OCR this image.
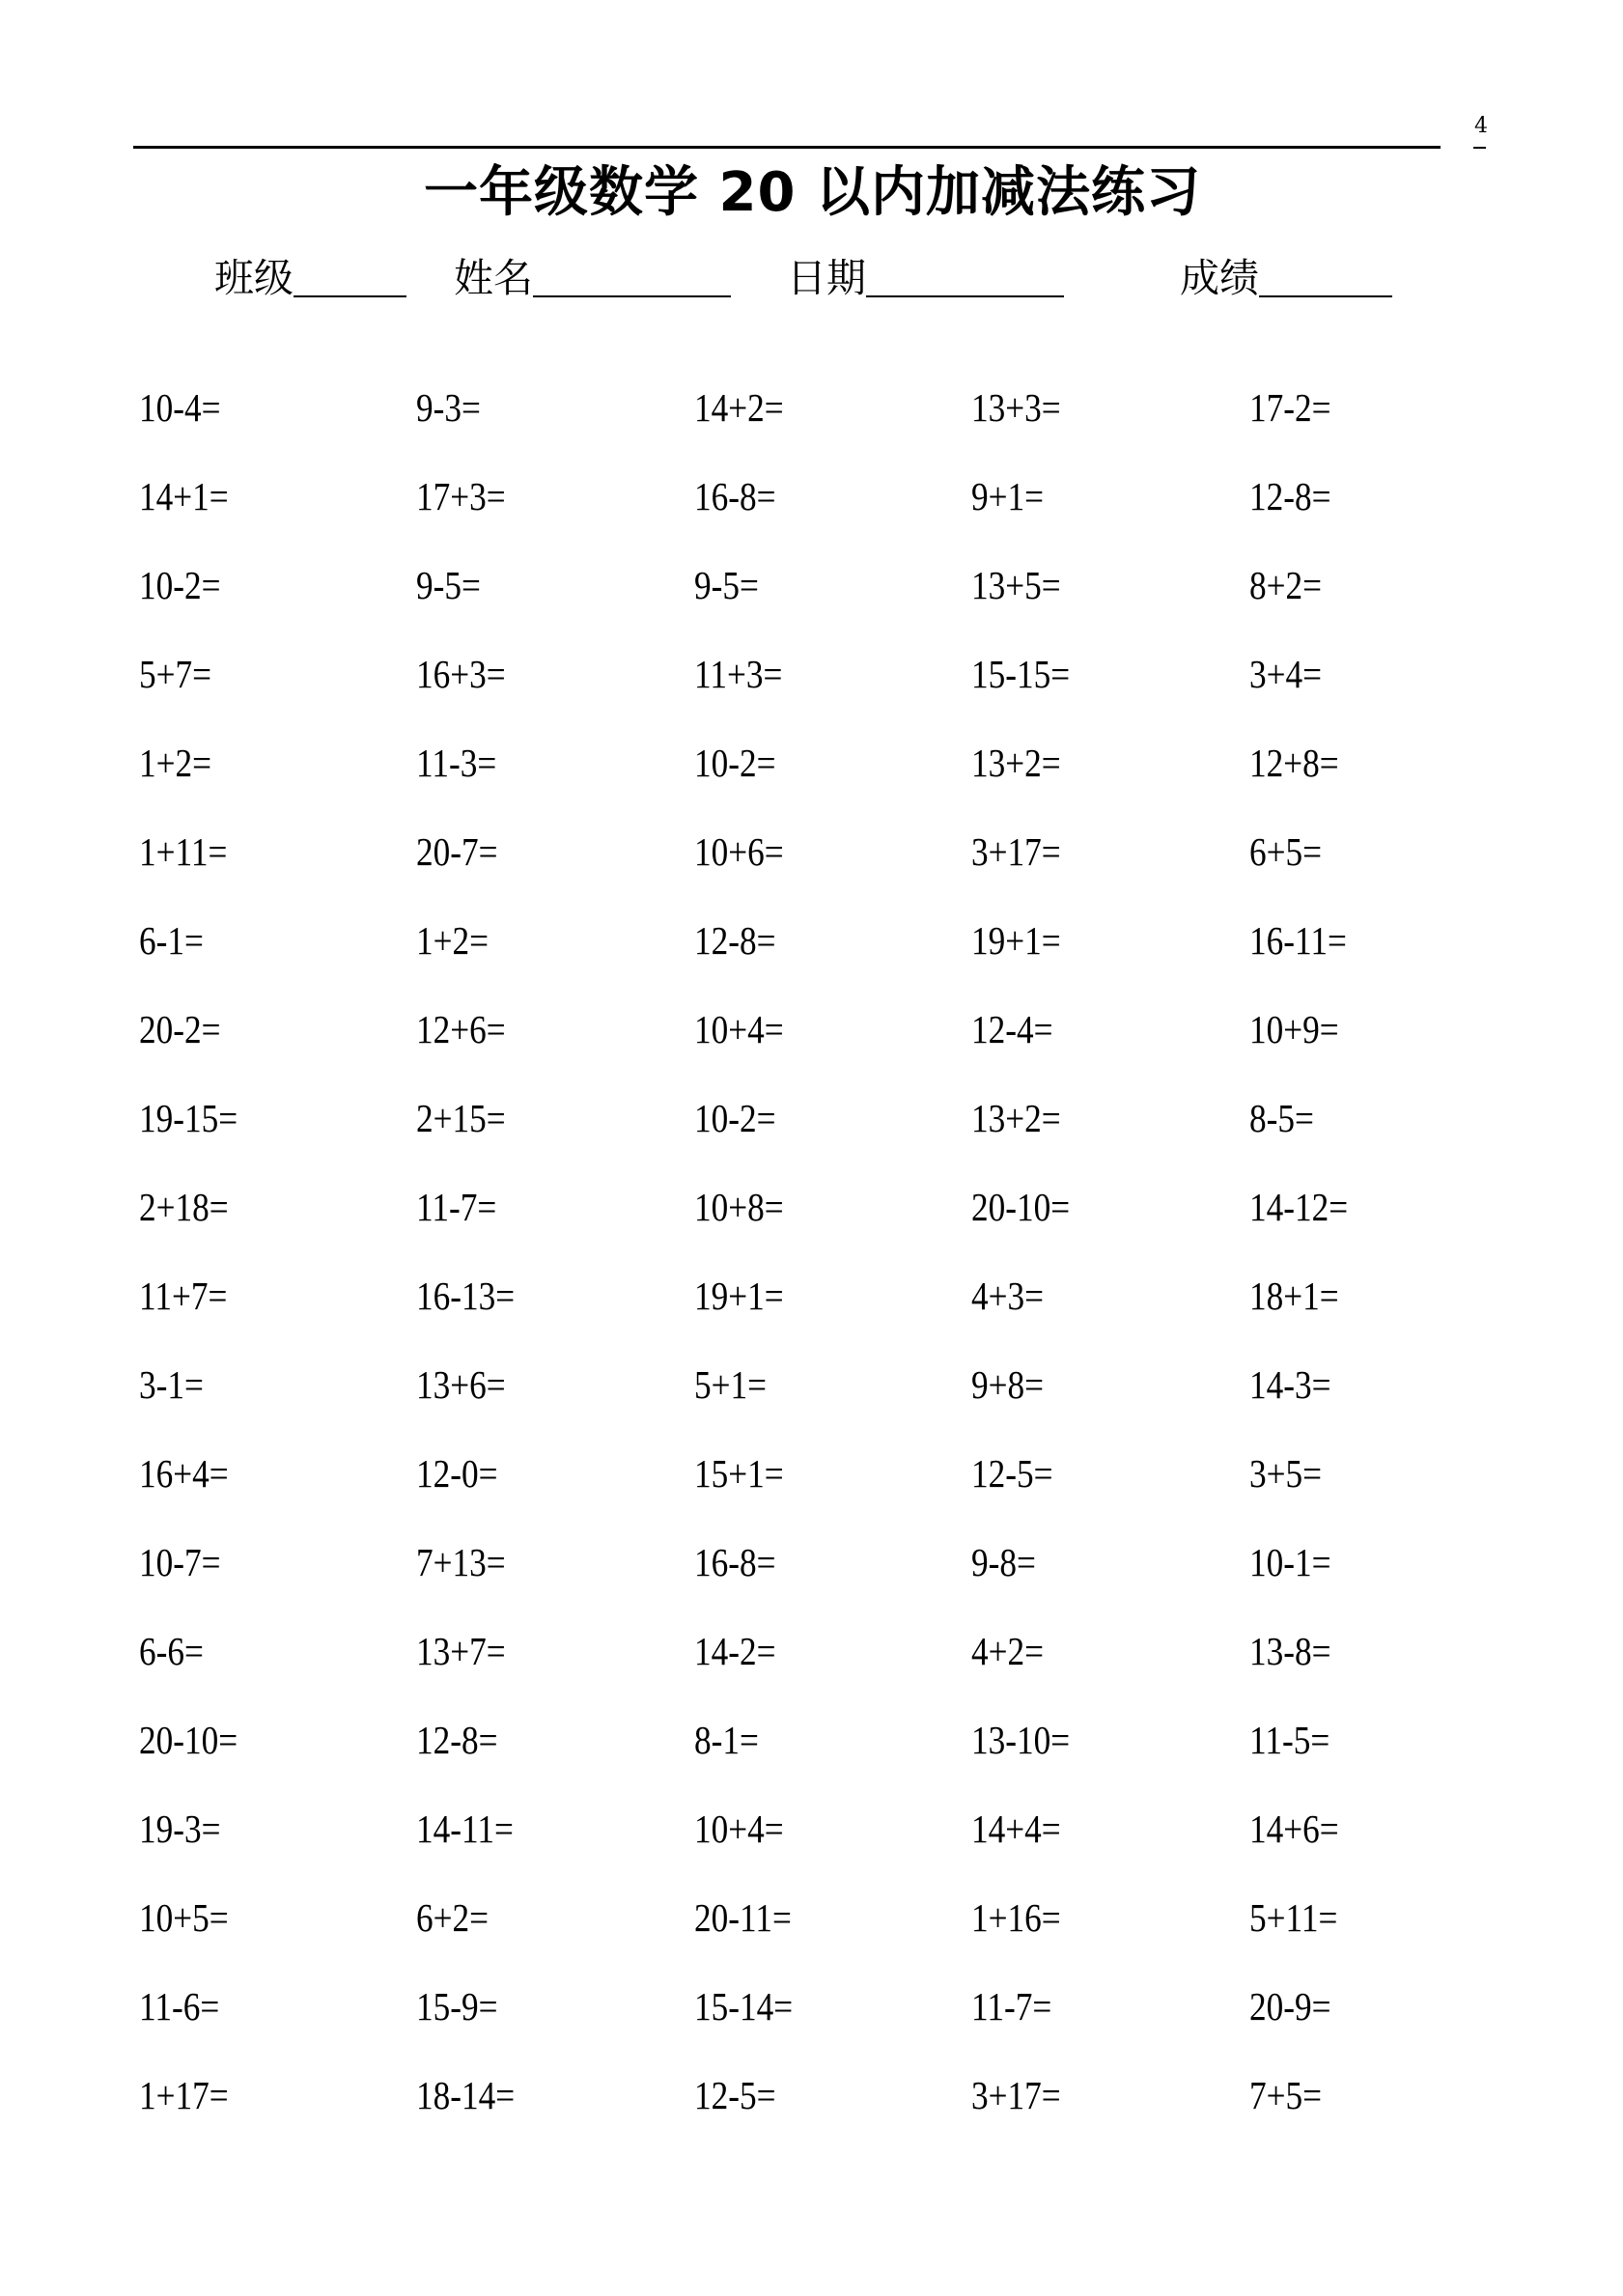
4
一年级数学 20 以内加减法练习
班级	姓名	日期	成绩
10-4=	9-3=	14+2=	13+3=	17-2=
14+1=	17+3=	16-8=	9+1=	12-8=
10-2=	9-5=	9-5=	13+5=	8+2=
5+7=	16+3=	11+3=	15-15=	3+4=
1+2=	11-3=	10-2=	13+2=	12+8=
1+11=	20-7=	10+6=	3+17=	6+5=
6-1=	1+2=	12-8=	19+1=	16-11=
20-2=	12+6=	10+4=	12-4=	10+9=
19-15=	2+15=	10-2=	13+2=	8-5=
2+18=	11-7=	10+8=	20-10=	14-12=
11+7=	16-13=	19+1=	4+3=	18+1=
3-1=	13+6=	5+1=	9+8=	14-3=
16+4=	12-0=	15+1=	12-5=	3+5=
10-7=	7+13=	16-8=	9-8=	10-1=
6-6=	13+7=	14-2=	4+2=	13-8=
20-10=	12-8=	8-1=	13-10=	11-5=
19-3=	14-11=	10+4=	14+4=	14+6=
10+5=	6+2=	20-11=	1+16=	5+11=
11-6=	15-9=	15-14=	11-7=	20-9=
1+17=	18-14=	12-5=	3+17=	7+5=
